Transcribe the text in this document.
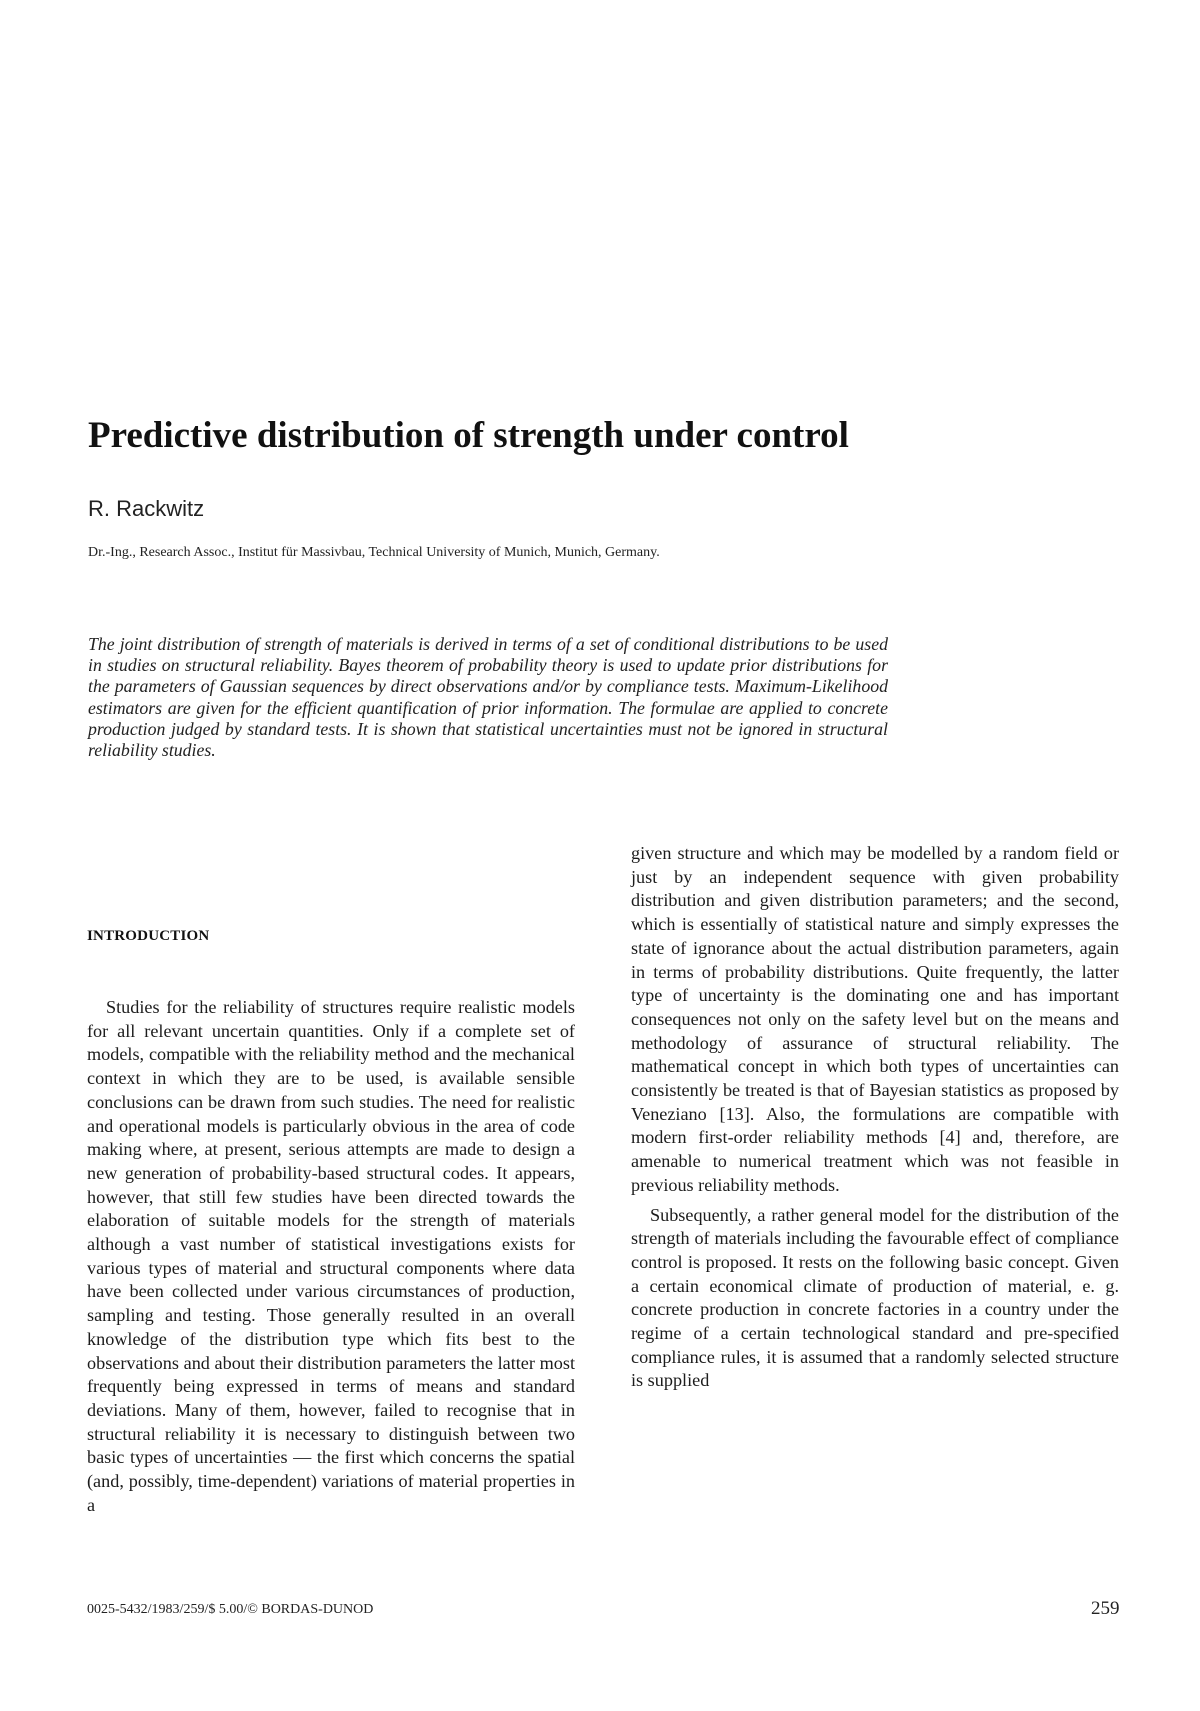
Predictive distribution of strength under control
R. Rackwitz
Dr.-Ing., Research Assoc., Institut für Massivbau, Technical University of Munich, Munich, Germany.

The joint distribution of strength of materials is derived in terms of a set of conditional distributions to be used in studies on structural reliability. Bayes theorem of probability theory is used to update prior distributions for the parameters of Gaussian sequences by direct observations and/or by compliance tests. Maximum-Likelihood estimators are given for the efficient quantification of prior information. The formulae are applied to concrete production judged by standard tests. It is shown that statistical uncertainties must not be ignored in structural reliability studies.

INTRODUCTION

Studies for the reliability of structures require realistic models for all relevant uncertain quantities. Only if a complete set of models, compatible with the reliability method and the mechanical context in which they are to be used, is available sensible conclusions can be drawn from such studies. The need for realistic and operational models is particularly obvious in the area of code making where, at present, serious attempts are made to design a new generation of probability-based structural codes. It appears, however, that still few studies have been directed towards the elaboration of suitable models for the strength of materials although a vast number of statistical investigations exists for various types of material and structural components where data have been collected under various circumstances of production, sampling and testing. Those generally resulted in an overall knowledge of the distribution type which fits best to the observations and about their distribution parameters the latter most frequently being expressed in terms of means and standard deviations. Many of them, however, failed to recognise that in structural reliability it is necessary to distinguish between two basic types of uncertainties — the first which concerns the spatial (and, possibly, time-dependent) variations of material properties in a

given structure and which may be modelled by a random field or just by an independent sequence with given probability distribution and given distribution parameters; and the second, which is essentially of statistical nature and simply expresses the state of ignorance about the actual distribution parameters, again in terms of probability distributions. Quite frequently, the latter type of uncertainty is the dominating one and has important consequences not only on the safety level but on the means and methodology of assurance of structural reliability. The mathematical concept in which both types of uncertainties can consistently be treated is that of Bayesian statistics as proposed by Veneziano [13]. Also, the formulations are compatible with modern first-order reliability methods [4] and, therefore, are amenable to numerical treatment which was not feasible in previous reliability methods.

Subsequently, a rather general model for the distribution of the strength of materials including the favourable effect of compliance control is proposed. It rests on the following basic concept. Given a certain economical climate of production of material, e. g. concrete production in concrete factories in a country under the regime of a certain technological standard and pre-specified compliance rules, it is assumed that a randomly selected structure is supplied

0025-5432/1983/259/$ 5.00/© BORDAS-DUNOD	259
